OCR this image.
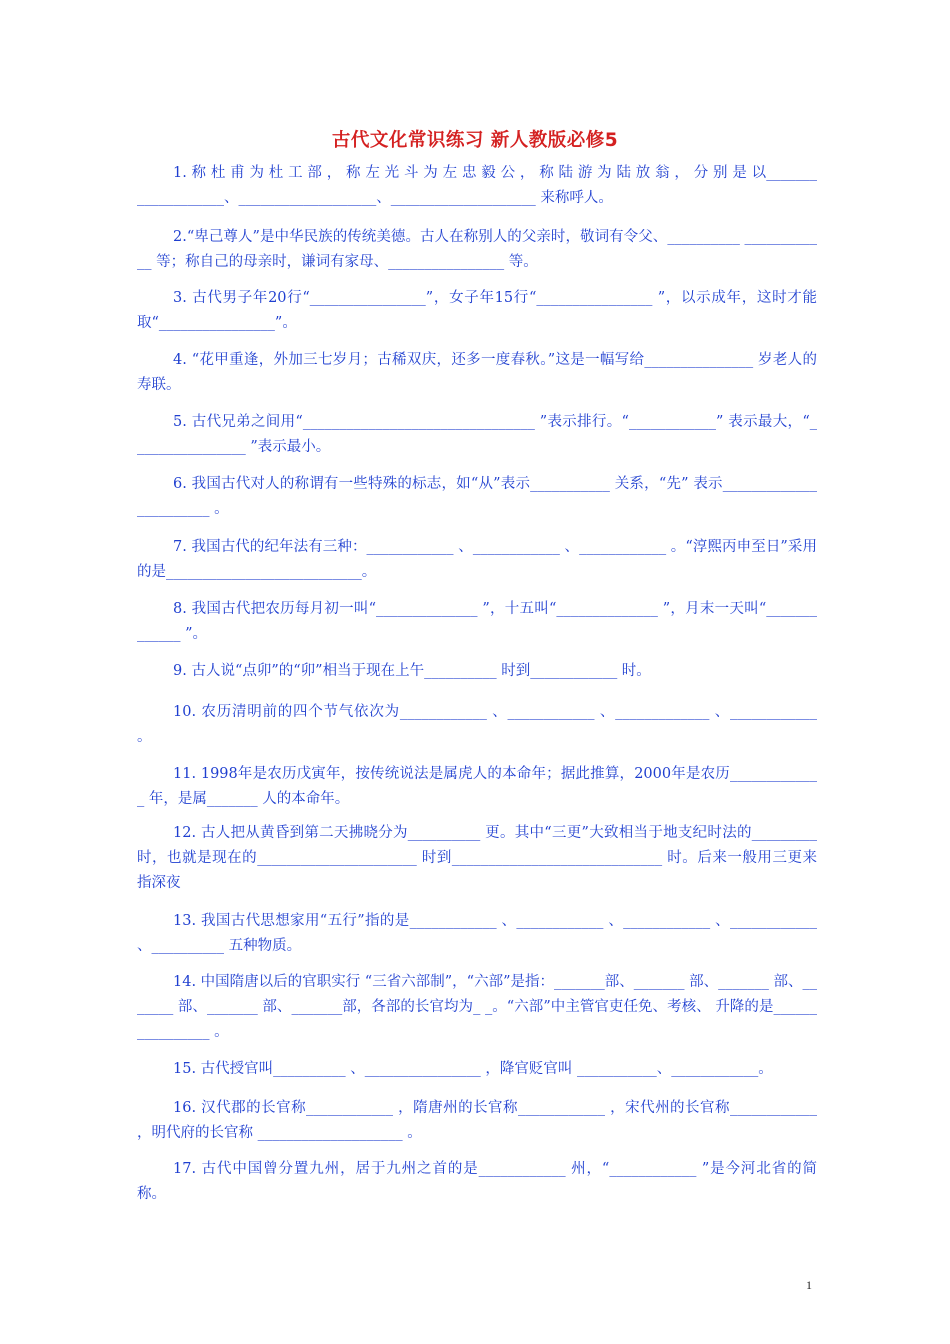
古代文化常识练习 新人教版必修5
1. 称 杜 甫 为 杜 工 部 ， 称 左 光 斗 为 左 忠 毅 公 ， 称 陆 游 为 陆 放 翁 ， 分 别 是 以___________________、___________________、____________________ 来称呼人。
2.“卑己尊人”是中华民族的传统美德。古人在称别人的父亲时，敬词有令父、__________ ____________ 等；称自己的母亲时，谦词有家母、________________ 等。
3. 古代男子年20行“________________”，女子年15行“________________ ”，以示成年，这时才能取“________________”。
4. “花甲重逢，外加三七岁月；古稀双庆，还多一度春秋。”这是一幅写给_______________ 岁老人的寿联。
5. 古代兄弟之间用“________________________________ ”表示排行。“____________” 表示最大，“________________ ”表示最小。
6. 我国古代对人的称谓有一些特殊的标志，如“从”表示___________ 关系，“先” 表示_______________________ 。
7. 我国古代的纪年法有三种：____________ 、____________ 、____________ 。“淳熙丙申至日”采用的是___________________________。
8. 我国古代把农历每月初一叫“______________ ”，十五叫“______________ ”，月末一天叫“_____________ ”。
9. 古人说“点卯”的“卯”相当于现在上午__________ 时到____________ 时。
10. 农历清明前的四个节气依次为____________ 、____________ 、_____________ 、____________ 。
11. 1998年是农历戊寅年，按传统说法是属虎人的本命年；据此推算，2000年是农历_____________ 年，是属_______ 人的本命年。
12. 古人把从黄昏到第二天拂晓分为__________ 更。其中“三更”大致相当于地支纪时法的_________ 时，也就是现在的______________________ 时到_____________________________ 时。后来一般用三更来指深夜
13. 我国古代思想家用“五行”指的是____________ 、____________ 、____________ 、____________ 、__________ 五种物质。
14. 中国隋唐以后的官职实行 “三省六部制”，“六部”是指：_______部、_______ 部、_______ 部、_______ 部、_______ 部、_______部，各部的长官均为_ _。“六部”中主管官吏任免、考核、 升降的是________________ 。
15. 古代授官叫__________ 、________________ ，降官贬官叫 ___________、____________。
16. 汉代郡的长官称____________ ，隋唐州的长官称____________ ，宋代州的长官称____________ ，明代府的长官称 ____________________ 。
17. 古代中国曾分置九州，居于九州之首的是____________ 州，“____________ ”是今河北省的简称。
1
